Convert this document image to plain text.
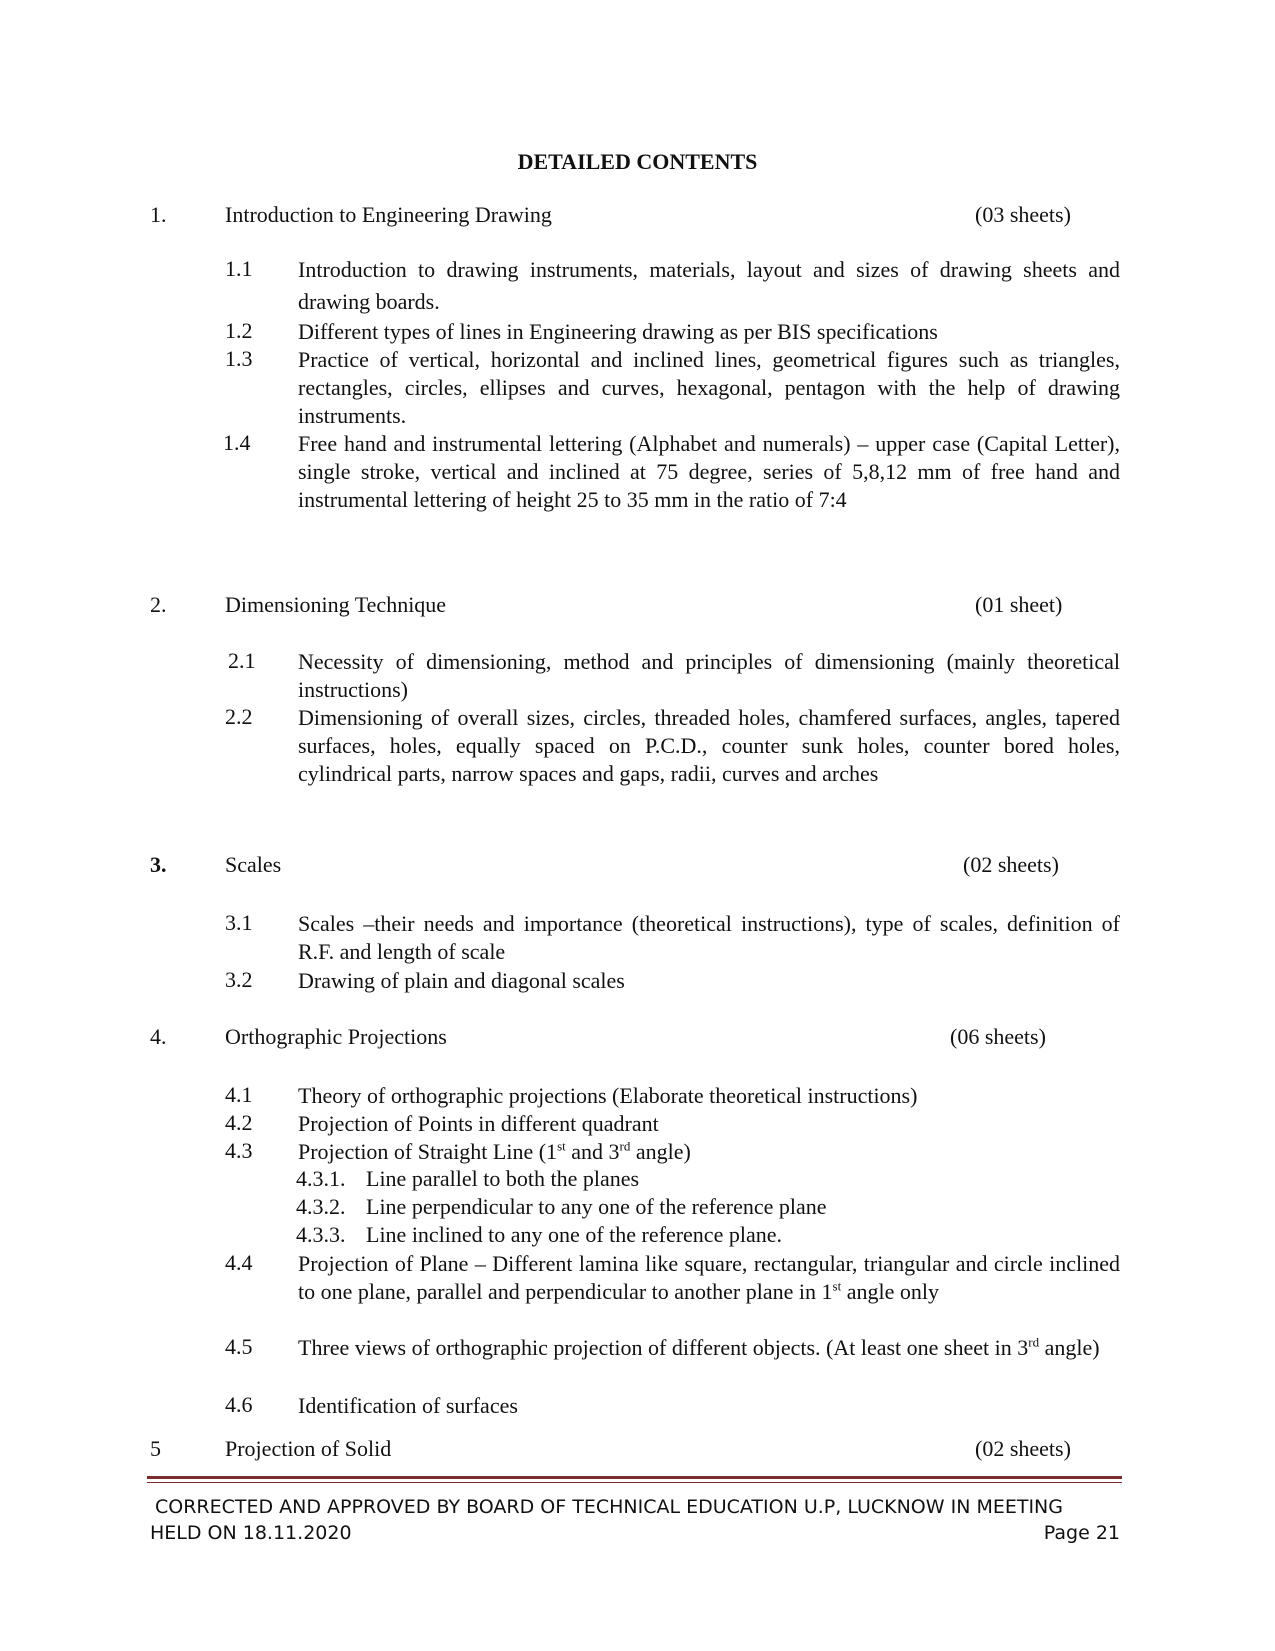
DETAILED CONTENTS
1.	Introduction to Engineering Drawing	(03 sheets)
1.1 Introduction to drawing instruments, materials, layout and sizes of drawing sheets and drawing boards.
1.2 Different types of lines in Engineering drawing as per BIS specifications
1.3 Practice of vertical, horizontal and inclined lines, geometrical figures such as triangles, rectangles, circles, ellipses and curves, hexagonal, pentagon with the help of drawing instruments.
1.4 Free hand and instrumental lettering (Alphabet and numerals) – upper case (Capital Letter), single stroke, vertical and inclined at 75 degree, series of 5,8,12 mm of free hand and instrumental lettering of height 25 to 35 mm in the ratio of 7:4
2.	Dimensioning Technique	(01 sheet)
2.1 Necessity of dimensioning, method and principles of dimensioning (mainly theoretical instructions)
2.2 Dimensioning of overall sizes, circles, threaded holes, chamfered surfaces, angles, tapered surfaces, holes, equally spaced on P.C.D., counter sunk holes, counter bored holes, cylindrical parts, narrow spaces and gaps, radii, curves and arches
3.	Scales	(02 sheets)
3.1 Scales –their needs and importance (theoretical instructions), type of scales, definition of R.F. and length of scale
3.2 Drawing of plain and diagonal scales
4.	Orthographic Projections	(06 sheets)
4.1 Theory of orthographic projections (Elaborate theoretical instructions)
4.2 Projection of Points in different quadrant
4.3 Projection of Straight Line (1st and 3rd angle)
4.3.1. Line parallel to both the planes
4.3.2. Line perpendicular to any one of the reference plane
4.3.3. Line inclined to any one of the reference plane.
4.4 Projection of Plane – Different lamina like square, rectangular, triangular and circle inclined to one plane, parallel and perpendicular to another plane in 1st angle only
4.5 Three views of orthographic projection of different objects. (At least one sheet in 3rd angle)
4.6 Identification of surfaces
5	Projection of Solid	(02 sheets)
CORRECTED AND APPROVED BY BOARD OF TECHNICAL EDUCATION U.P, LUCKNOW IN MEETING
HELD ON 18.11.2020	Page 21
